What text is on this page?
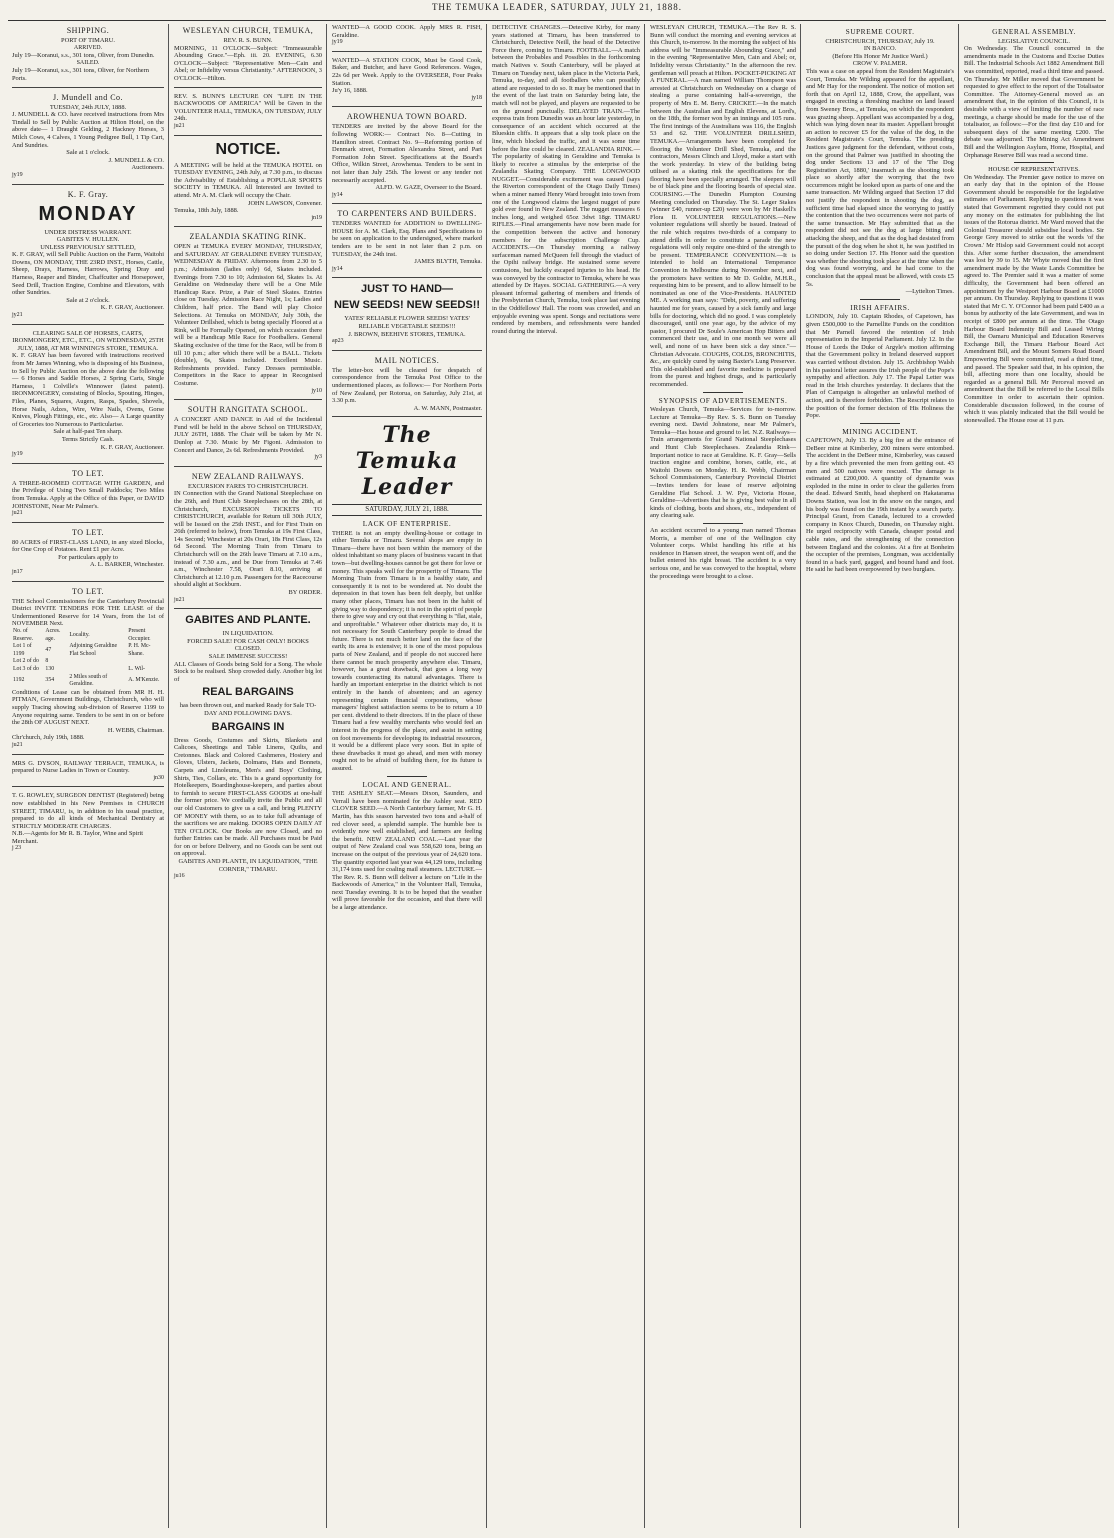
THE TEMUKA LEADER, SATURDAY, JULY 21, 1888.
SHIPPING.
PORT OF TIMARU.
ARRIVED.
July 19—Koranui, s.s., 301 tons, Oliver, from Dunedin.
SAILED.
July 19—Koranui, s.s., 301 tons, Oliver, for Northern Ports.
J. Mundell and Co.
TUESDAY, 24th JULY, 1888.
J. MUNDELL & CO. have received instructions from Mrs Tindall to Sell by Public Auction at Hilton Hotel, on the above date— 1 Draught Gelding, 2 Hackney Horses, 3 Milch Cows, 4 Calves, 1 Young Pedigree Bull, 1 Tip Cart, And Sundries.
Sale at 1 o'clock.
J. MUNDELL & CO.
Auctioneers.
jy19
K. F. Gray.
MONDAY
UNDER DISTRESS WARRANT.
GABITES V. HULLEN.
UNLESS PREVIOUSLY SETTLED,
K. F. GRAY, will Sell Public Auction on the Farm, Waitohi Downs, ON MONDAY, THE 23RD INST., Horses, Cattle, Sheep, Drays, Harness, Harrows, Spring Dray and Harness, Reaper and Binder, Chaffcutter and Horsepower, Seed Drill, Traction Engine, Combine and Elevators, with other Sundries.
Sale at 2 o'clock.
K. F. GRAY, Auctioneer.
jy21
CLEARING SALE OF HORSES, CARTS, IRONMONGERY, ETC., ETC., ON WEDNESDAY, 25TH JULY, 1888, AT MR WINNING'S STORE, TEMUKA.
K. F. GRAY has been favored with instructions received from Mr James Winning, who is disposing of his Business, to Sell by Public Auction on the above date the following— 6 Horses and Saddle Horses, 2 Spring Carts, Single Harness, 1 Colville's Winnower (latest patent). IRONMONGERY, consisting of Blocks, Spouting, Hinges, Files, Planes, Squares, Augers, Rasps, Spades, Shovels, Horse Nails, Adzes, Wire, Wire Nails, Ovens, Gorse Knives, Plough Fittings, etc., etc. Also— A Large quantity of Groceries too Numerous to Particularise.
Sale at half-past Ten sharp.
Terms Strictly Cash.
K. F. GRAY, Auctioneer.
jy19
TO LET.
A THREE-ROOMED COTTAGE WITH GARDEN, and the Privilege of Using Two Small Paddocks; Two Miles from Temuka. Apply at the Office of this Paper, or DAVID JOHNSTONE, Near Mr Palmer's.
ju21
TO LET.
80 ACRES of FIRST-CLASS LAND, in any sized Blocks, for One Crop of Potatoes. Rent £1 per Acre.
For particulars apply to
A. L. BARKER, Winchester.
jn17
TO LET.
THE School Commissioners for the Canterbury Provincial District INVITE TENDERS FOR THE LEASE of the Undermentioned Reserve for 14 Years, from the 1st of NOVEMBER Next.
No. of Reserve.	Acres. age.	Locality.	Present Occupier.
Lot 1 of 1199	47	Adjoining Geraldine Flat School	P. H. Mc-Shane.
Lot 2 of do	8		
Lot 3 of do	130		L. Wil-
1192	354	2 Miles south of Geraldine.	A. M'Kenzie.
Conditions of Lease can be obtained from MR H. H. PITMAN, Government Buildings, Christchurch, who will supply Tracing showing sub-division of Reserve 1199 to Anyone requiring same. Tenders to be sent in on or before the 28th OF AUGUST NEXT.
H. WEBB, Chairman.
Chr'church, July 19th, 1888.
ju21
MRS G. DYSON, RAILWAY TERRACE, TEMUKA, is prepared to Nurse Ladies in Town or Country.
jn30
T. G. ROWLEY, SURGEON DENTIST (Registered) being now established in his New Premises in CHURCH STREET, TIMARU, is, in addition to his usual practice, prepared to do all kinds of Mechanical Dentistry at STRICTLY MODERATE CHARGES.
N.B.—Agents for Mr R. B. Taylor, Wine and Spirit Merchant.
j 23
WESLEYAN CHURCH, TEMUKA,
REV. R. S. BUNN.
MORNING, 11 O'CLOCK—Subject: "Immeasurable Abounding Grace."—Eph. iii. 20. EVENING, 6.30 O'CLOCK—Subject: "Representative Men—Cain and Abel; or Infidelity versus Christianity." AFTERNOON, 3 O'CLOCK—Hilton.
REV. S. BUNN'S LECTURE ON "LIFE IN THE BACKWOODS OF AMERICA" Will be Given in the VOLUNTEER HALL, TEMUKA, ON TUESDAY, JULY 24th.
ju21
NOTICE.
A MEETING will be held at the TEMUKA HOTEL on TUESDAY EVENING, 24th July, at 7.30 p.m., to discuss the Advisability of Establishing a POPULAR SPORTS SOCIETY in TEMUKA. All Interested are Invited to attend. Mr A. M. Clark will occupy the Chair.
JOHN LAWSON, Convener.
Temuka, 18th July, 1888.
jn19
ZEALANDIA SKATING RINK.
OPEN at TEMUKA EVERY MONDAY, THURSDAY, and SATURDAY. AT GERALDINE EVERY TUESDAY, WEDNESDAY & FRIDAY. Afternoons from 2.30 to 5 p.m.; Admission (ladies only) 6d, Skates included. Evenings from 7.30 to 10; Admission 6d, Skates 1s. At Geraldine on Wednesday there will be a One Mile Handicap Race. Prize, a Pair of Steel Skates. Entries close on Tuesday. Admission Race Night, 1s; Ladies and Children, half price. The Band will play Choice Selections. At Temuka on MONDAY, July 30th, the Volunteer Drillshed, which is being specially Floored at a Rink, will be Formally Opened, on which occasion there will be a Handicap Mile Race for Footballers. General Skating exclusive of the time for the Race, will be from 8 till 10 p.m.; after which there will be a BALL. Tickets (double), 6s, Skates included. Excellent Music. Refreshments provided. Fancy Dresses permissible. Competitors in the Race to appear in Recognised Costume.
jy10
SOUTH RANGITATA SCHOOL.
A CONCERT AND DANCE in Aid of the Incidental Fund will be held in the above School on THURSDAY, JULY 26TH, 1888. The Chair will be taken by Mr N. Dunlop at 7.30. Music by Mr Figoni. Admission to Concert and Dance, 2s 6d. Refreshments Provided.
jy3
NEW ZEALAND RAILWAYS.
EXCURSION FARES TO CHRISTCHURCH.
IN Connection with the Grand National Steeplechase on the 26th, and Hunt Club Steeplechases on the 28th, at Christchurch, EXCURSION TICKETS TO CHRISTCHURCH, available for Return till 30th JULY, will be Issued on the 25th INST., and for First Train on 26th (referred to below), from Temuka at 19s First Class, 14s Second; Winchester at 20s Orari, 18s First Class, 12s 6d Second. The Morning Train from Timaru to Christchurch will on the 26th leave Timaru at 7.10 a.m., instead of 7.30 a.m., and be Due from Temuka at 7.46 a.m., Winchester 7.58, Orari 8.10, arriving at Christchurch at 12.10 p.m. Passengers for the Racecourse should alight at Sockburn.
BY ORDER.
ju21
GABITES AND PLANTE.
IN LIQUIDATION.
FORCED SALE! FOR CASH ONLY! BOOKS CLOSED.
SALE IMMENSE SUCCESS!
ALL Classes of Goods being Sold for a Song. The whole Stock to be realised. Shop crowded daily. Another big lot of
REAL BARGAINS
has been thrown out, and marked Ready for Sale TO-DAY AND FOLLOWING DAYS.
BARGAINS IN
Dress Goods, Costumes and Skirts, Blankets and Calicoes, Sheetings and Table Linens, Quilts, and Cretonnes. Black and Colored Cashmeres, Hosiery and Gloves, Ulsters, Jackets, Dolmans, Hats and Bonnets, Carpets and Linoleums, Men's and Boys' Clothing, Shirts, Ties, Collars, etc. This is a grand opportunity for Hotelkeepers, Boardinghouse-keepers, and parties about to furnish to secure FIRST-CLASS GOODS at one-half the former price. We cordially invite the Public and all our old Customers to give us a call, and bring PLENTY OF MONEY with them, so as to take full advantage of the sacrifices we are making. DOORS OPEN DAILY AT TEN O'CLOCK. Our Books are now Closed, and no further Entries can be made. All Purchases must be Paid for on or before Delivery, and no Goods can be sent out on approval.
GABITES AND PLANTE, IN LIQUIDATION, "THE CORNER," TIMARU.
ju16
WANTED—A GOOD COOK. Apply MRS R. FISH, Geraldine.
jy19
WANTED—A STATION COOK, Must be Good Cook, Baker, and Butcher, and have Good References. Wages, 22s 6d per Week. Apply to the OVERSEER, Four Peaks Station.
Ju'y 16, 1888.
jy18
AROWHENUA TOWN BOARD.
TENDERS are invited by the above Board for the following WORK:— Contract No. 8—Cutting in Hamilton street. Contract No. 9—Reforming portion of Denmark street, Formation Alexandra Street, and Part Formation John Street. Specifications at the Board's Office, Wilkin Street, Arowhenua. Tenders to be sent in not later than July 25th. The lowest or any tender not necessarily accepted.
ALFD. W. GAZE, Overseer to the Board.
jy14
TO CARPENTERS AND BUILDERS.
TENDERS WANTED for ADDITION to DWELLING-HOUSE for A. M. Clark, Esq. Plans and Specifications to be seen on application to the undersigned, where marked tenders are to be sent in not later than 2 p.m. on TUESDAY, the 24th inst.
JAMES BLYTH, Temuka.
jy14
JUST TO HAND—
NEW SEEDS! NEW SEEDS!!
YATES' RELIABLE FLOWER SEEDS! YATES' RELIABLE VEGETABLE SEEDS!!!
J. BROWN, BEEHIVE STORES, TEMUKA.
ap23
MAIL NOTICES.
The letter-box will be cleared for despatch of correspondence from the Temuka Post Office to the undermentioned places, as follows:— For Northern Ports of New Zealand, per Rotorua, on Saturday, July 21st, at 3.30 p.m.
A. W. MANN, Postmaster.
The Temuka Leader
SATURDAY, JULY 21, 1888.
LACK OF ENTERPRISE.
THERE is not an empty dwelling-house or cottage in either Temuka or Timaru. Several shops are empty in Timaru—there have not been within the memory of the oldest inhabitant so many places of business vacant in that town—but dwelling-houses cannot be got there for love or money. This speaks well for the prosperity of Timaru. The Morning Train from Timaru is in a healthy state, and consequently it is not to be wondered at. No doubt the depression in that town has been felt deeply, but unlike many other places, Timaru has not been in the habit of giving way to despondency; it is not in the spirit of people there to give way and cry out that everything is "flat, stale, and unprofitable." Whatever other districts may do, it is not necessary for South Canterbury people to dread the future. There is not much better land on the face of the earth; its area is extensive; it is one of the most populous parts of New Zealand, and if people do not succeed here there cannot be much prosperity anywhere else. Timaru, however, has a great drawback, that goes a long way towards counteracting its natural advantages. There is hardly an important enterprise in the district which is not entirely in the hands of absentees; and an agency representing certain financial corporations, whose managers' highest satisfaction seems to be to return a 10 per cent. dividend to their directors. If in the place of these Timaru had a few wealthy merchants who would feel an interest in the progress of the place, and assist in setting on foot movements for developing its industrial resources, it would be a different place very soon. But in spite of these drawbacks it must go ahead, and men with money ought not to be afraid of building there, for its future is assured.
LOCAL AND GENERAL.
THE ASHLEY SEAT.—Messrs Dixon, Saunders, and Verrall have been nominated for the Ashley seat. RED CLOVER SEED.—A North Canterbury farmer, Mr G. H. Martin, has this season harvested two tons and a-half of red clover seed, a splendid sample. The humble bee is evidently now well established, and farmers are feeling the benefit. NEW ZEALAND COAL.—Last year the output of New Zealand coal was 558,620 tons, being an increase on the output of the previous year of 24,620 tons. The quantity exported last year was 44,129 tons, including 31,174 tons used for coaling mail steamers. LECTURE.—The Rev. R. S. Bunn will deliver a lecture on "Life in the Backwoods of America," in the Volunteer Hall, Temuka, next Tuesday evening. It is to be hoped that the weather will prove favorable for the occasion, and that there will be a large attendance.
DETECTIVE CHANGES.—Detective Kirby, for many years stationed at Timaru, has been transferred to Christchurch, Detective Neill, the head of the Detective Force there, coming to Timaru. FOOTBALL.—A match between the Probables and Possibles in the forthcoming match Natives v. South Canterbury, will be played at Timaru on Tuesday next, taken place in the Victoria Park, Temuka, to-day, and all footballers who can possibly attend are requested to do so. It may be mentioned that in the event of the last train on Saturday being late, the match will not be played, and players are requested to be on the ground punctually. DELAYED TRAIN.—The express train from Dunedin was an hour late yesterday, in consequence of an accident which occurred at the Blueskin cliffs. It appears that a slip took place on the line, which blocked the traffic, and it was some time before the line could be cleared. ZEALANDIA RINK.—The popularity of skating in Geraldine and Temuka is likely to receive a stimulus by the enterprise of the Zealandia Skating Company. THE LONGWOOD NUGGET.—Considerable excitement was caused (says the Riverton correspondent of the Otago Daily Times) when a miner named Henry Ward brought into town from one of the Longwood claims the largest nugget of pure gold ever found in New Zealand. The nugget measures 6 inches long, and weighed 65oz 3dwt 18gr. TIMARU RIFLES.—Final arrangements have now been made for the competition between the active and honorary members for the subscription Challenge Cup. ACCIDENTS.—On Thursday morning a railway surfaceman named McQueen fell through the viaduct of the Opihi railway bridge. He sustained some severe contusions, but luckily escaped injuries to his head. He was conveyed by the contractor to Temuka, where he was attended by Dr Hayes. SOCIAL GATHERING.—A very pleasant informal gathering of members and friends of the Presbyterian Church, Temuka, took place last evening in the Oddfellows' Hall. The room was crowded, and an enjoyable evening was spent. Songs and recitations were rendered by members, and refreshments were handed round during the interval.
WESLEYAN CHURCH, TEMUKA.—The Rev R. S. Bunn will conduct the morning and evening services at this Church, to-morrow. In the morning the subject of his address will be "Immeasurable Abounding Grace," and in the evening "Representative Men, Cain and Abel; or, Infidelity versus Christianity." In the afternoon the rev. gentleman will preach at Hilton. POCKET-PICKING AT A FUNERAL.—A man named William Thompson was arrested at Christchurch on Wednesday on a charge of stealing a purse containing half-a-sovereign, the property of Mrs E. M. Berry. CRICKET.—In the match between the Australian and English Elevens, at Lord's, on the 18th, the former won by an innings and 105 runs. The first innings of the Australians was 116, the English 53 and 62. THE VOLUNTEER DRILLSHED, TEMUKA.—Arrangements have been completed for flooring the Volunteer Drill Shed, Temuka, and the contractors, Messrs Clinch and Lloyd, make a start with the work yesterday. In view of the building being utilised as a skating rink the specifications for the flooring have been specially arranged. The sleepers will be of black pine and the flooring boards of special size. COURSING.—The Dunedin Plumpton Coursing Meeting concluded on Thursday. The St. Leger Stakes (winner £40, runner-up £20) were won by Mr Haskell's Flora II. VOLUNTEER REGULATIONS.—New volunteer regulations will shortly be issued. Instead of the rule which requires two-thirds of a company to attend drills in order to constitute a parade the new regulations will only require one-third of the strength to be present. TEMPERANCE CONVENTION.—It is intended to hold an International Temperance Convention in Melbourne during November next, and the promoters have written to Mr D. Goldie, M.H.R., requesting him to be present, and to allow himself to be nominated as one of the Vice-Presidents. HAUNTED ME. A working man says: "Debt, poverty, and suffering haunted me for years, caused by a sick family and large bills for doctoring, which did no good. I was completely discouraged, until one year ago, by the advice of my pastor, I procured Dr Soule's American Hop Bitters and commenced their use, and in one month we were all well, and none of us have been sick a day since."—Christian Advocate. COUGHS, COLDS, BRONCHITIS, &c., are quickly cured by using Baxter's Lung Preserver. This old-established and favorite medicine is prepared from the purest and highest drugs, and is particularly recommended.
SYNOPSIS OF ADVERTISEMENTS.
Wesleyan Church, Temuka—Services for to-morrow. Lecture at Temuka—By Rev. S. S. Bunn on Tuesday evening next. David Johnstone, near Mr Palmer's, Temuka—Has house and ground to let. N.Z. Railways—Train arrangements for Grand National Steeplechases and Hunt Club Steeplechases. Zealandia Rink—Important notice to race at Geraldine. K. F. Gray—Sells traction engine and combine, horses, cattle, etc., at Waitohi Downs on Monday. H. R. Webb, Chairman School Commissioners, Canterbury Provincial District—Invites tenders for lease of reserve adjoining Geraldine Flat School. J. W. Pye, Victoria House, Geraldine—Advertises that he is giving best value in all kinds of clothing, boots and shoes, etc., independent of any clearing sale.
An accident occurred to a young man named Thomas Morris, a member of one of the Wellington city Volunteer corps. Whilst handling his rifle at his residence in Hansen street, the weapon went off, and the bullet entered his right breast. The accident is a very serious one, and he was conveyed to the hospital, where the proceedings were brought to a close.
SUPREME COURT.
CHRISTCHURCH, THURSDAY, July 19.
IN BANCO.
(Before His Honor Mr Justice Ward.)
CROW V. PALMER.
This was a case on appeal from the Resident Magistrate's Court, Temuka. Mr Wilding appeared for the appellant, and Mr Hay for the respondent. The notice of motion set forth that on April 12, 1888, Crow, the appellant, was engaged in erecting a threshing machine on land leased from Sweney Bros., at Temuka, on which the respondent was grazing sheep. Appellant was accompanied by a dog, which was lying down near its master. Appellant brought an action to recover £5 for the value of the dog, in the Resident Magistrate's Court, Temuka. The presiding Justices gave judgment for the defendant, without costs, on the ground that Palmer was justified in shooting the dog under Sections 13 and 17 of the 'The Dog Registration Act, 1880,' inasmuch as the shooting took place so shortly after the worrying that the two occurrences might be looked upon as parts of one and the same transaction. Mr Wilding argued that Section 17 did not justify the respondent in shooting the dog, as sufficient time had elapsed since the worrying to justify the contention that the two occurrences were not parts of the same transaction. Mr Hay submitted that as the respondent did not see the dog at large biting and attacking the sheep, and that as the dog had desisted from the pursuit of the dog when he shot it, he was justified in so doing under Section 17. His Honor said the question was whether the shooting took place at the time when the dog was found worrying, and he had come to the conclusion that the appeal must be allowed, with costs £5 5s.
—Lyttelton Times.
IRISH AFFAIRS.
LONDON, July 10. Captain Rhodes, of Capetown, has given £500,000 to the Parnellite Funds on the condition that Mr Parnell favored the retention of Irish representation in the Imperial Parliament. July 12. In the House of Lords the Duke of Argyle's motion affirming that the Government policy in Ireland deserved support was carried without division. July 15. Archbishop Walsh in his pastoral letter assures the Irish people of the Pope's sympathy and affection. July 17. The Papal Letter was read in the Irish churches yesterday. It declares that the Plan of Campaign is altogether an unlawful method of action, and is therefore forbidden. The Rescript relates to the position of the former decision of His Holiness the Pope.
MINING ACCIDENT.
CAPETOWN, July 13. By a big fire at the entrance of DeBeer mine at Kimberley, 200 miners were entombed. The accident in the DeBeer mine, Kimberley, was caused by a fire which prevented the men from getting out. 43 men and 500 natives were rescued. The damage is estimated at £200,000. A quantity of dynamite was exploded in the mine in order to clear the galleries from the dead. Edward Smith, head shepherd on Hakatarama Downs Station, was lost in the snow on the ranges, and his body was found on the 19th instant by a search party. Principal Grant, from Canada, lectured to a crowded company in Knox Church, Dunedin, on Thursday night. He urged reciprocity with Canada, cheaper postal and cable rates, and the strengthening of the connection between England and the colonies. At a fire at Bonheim the occupier of the premises, Longman, was accidentally found in a back yard, gagged, and bound hand and foot. He said he had been overpowered by two burglars.
GENERAL ASSEMBLY.
LEGISLATIVE COUNCIL.
On Wednesday. The Council concurred in the amendments made in the Customs and Excise Duties Bill. The Industrial Schools Act 1882 Amendment Bill was committed, reported, read a third time and passed. On Thursday. Mr Miller moved that Government be requested to give effect to the report of the Totalisator Committee. The Attorney-General moved as an amendment that, in the opinion of this Council, it is desirable with a view of limiting the number of race meetings, a charge should be made for the use of the totalisator, as follows:—For the first day £10 and for subsequent days of the same meeting £200. The debate was adjourned. The Mining Act Amendment Bill and the Wellington Asylum, Home, Hospital, and Orphanage Reserve Bill was read a second time.
HOUSE OF REPRESENTATIVES.
On Wednesday. The Premier gave notice to move on an early day that in the opinion of the House Government should be responsible for the legislative estimates of Parliament. Replying to questions it was stated that Government regretted they could not put any money on the estimates for publishing the list issues of the Rotorua district. Mr Ward moved that the Colonial Treasurer should subsidise local bodies. Sir George Grey moved to strike out the words 'of the Crown.' Mr Hislop said Government could not accept this. After some further discussion, the amendment was lost by 39 to 15. Mr Whyte moved that the first amendment made by the Waste Lands Committee be agreed to. The Premier said it was a matter of some difficulty, the Government had been offered an appointment by the Westport Harbour Board at £1000 per annum. On Thursday. Replying to questions it was stated that Mr C. Y. O'Connor had been paid £400 as a bonus by authority of the late Government, and was in receipt of £800 per annum at the time. The Otago Harbour Board Indemnity Bill and Leased Wiring Bill, the Oamaru Municipal and Education Reserves Exchange Bill, the Timaru Harbour Board Act Amendment Bill, and the Mount Somers Road Board Empowering Bill were committed, read a third time, and passed. The Speaker said that, in his opinion, the bill, affecting more than one locality, should be regarded as a general Bill. Mr Perceval moved an amendment that the Bill be referred to the Local Bills Committee in order to ascertain their opinion. Considerable discussion followed, in the course of which it was plainly indicated that the Bill would be stonewalled. The House rose at 11 p.m.
